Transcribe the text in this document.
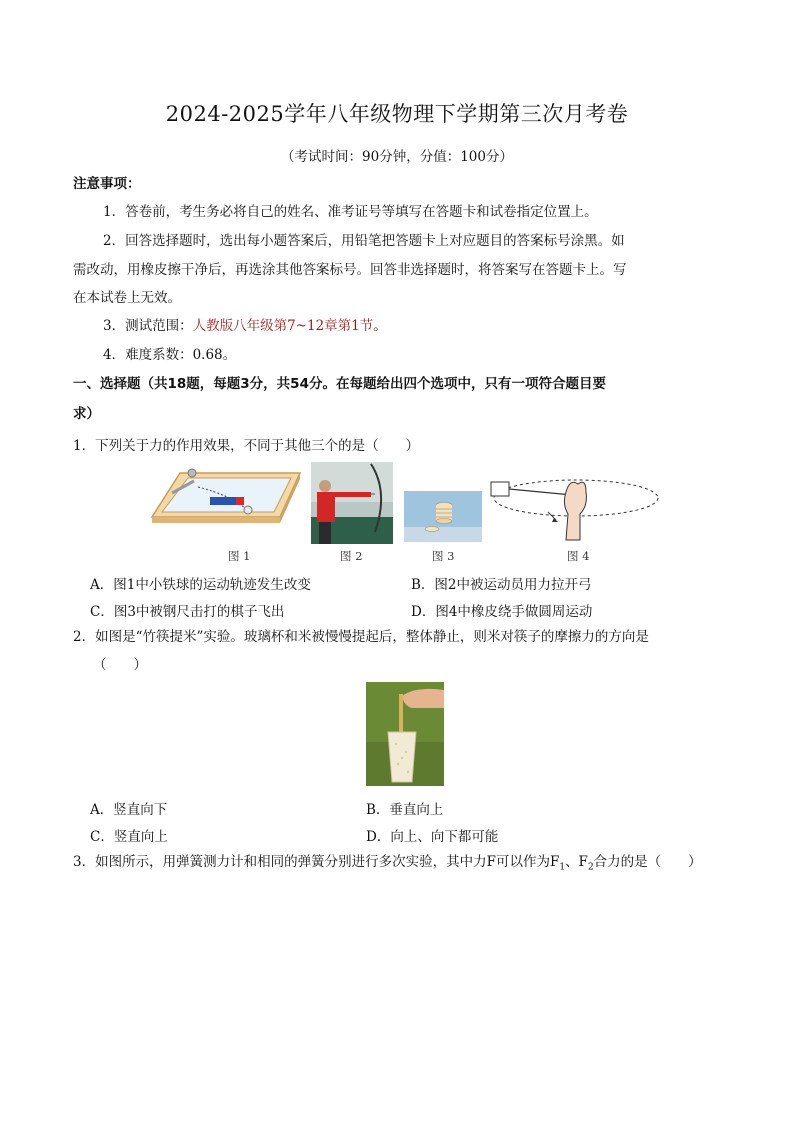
2024-2025学年八年级物理下学期第三次月考卷
（考试时间：90分钟，分值：100分）
注意事项：
1．答卷前，考生务必将自己的姓名、准考证号等填写在答题卡和试卷指定位置上。
2．回答选择题时，选出每小题答案后，用铅笔把答题卡上对应题目的答案标号涂黑。如
需改动，用橡皮擦干净后，再选涂其他答案标号。回答非选择题时，将答案写在答题卡上。写
在本试卷上无效。
3．测试范围：人教版八年级第7~12章第1节。
4．难度系数：0.68。
一、选择题（共18题，每题3分，共54分。在每题给出四个选项中，只有一项符合题目要
求）
1．下列关于力的作用效果，不同于其他三个的是（　　）
图 1	图 2	图 3	图 4
A．图1中小铁球的运动轨迹发生改变	B．图2中被运动员用力拉开弓
C．图3中被钢尺击打的棋子飞出	D．图4中橡皮绕手做圆周运动
2．如图是“竹筷提米”实验。玻璃杯和米被慢慢提起后，整体静止，则米对筷子的摩擦力的方向是
（　　）
A．竖直向下	B．垂直向上
C．竖直向上	D．向上、向下都可能
3．如图所示，用弹簧测力计和相同的弹簧分别进行多次实验，其中力F可以作为$F_1$、$F_2$合力的是（　　）
